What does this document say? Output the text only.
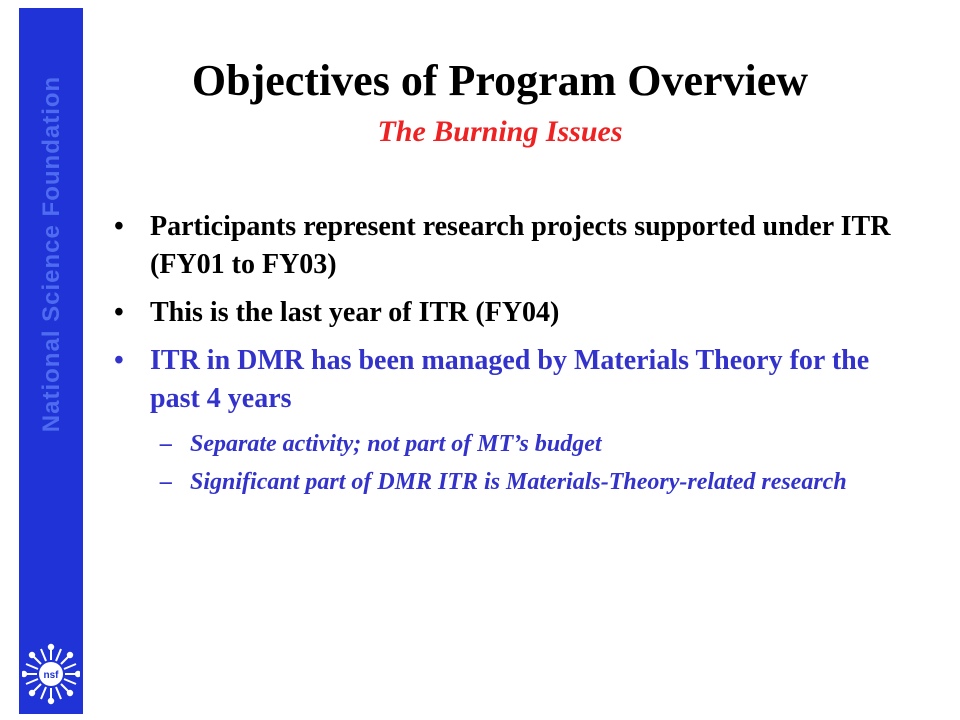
National Science Foundation
nsf
Objectives of Program Overview
The Burning Issues
• Participants represent research projects supported under ITR (FY01 to FY03)
• This is the last year of ITR (FY04)
• ITR in DMR has been managed by Materials Theory for the past 4 years
– Separate activity; not part of MT’s budget
– Significant part of DMR ITR is Materials-Theory-related research
